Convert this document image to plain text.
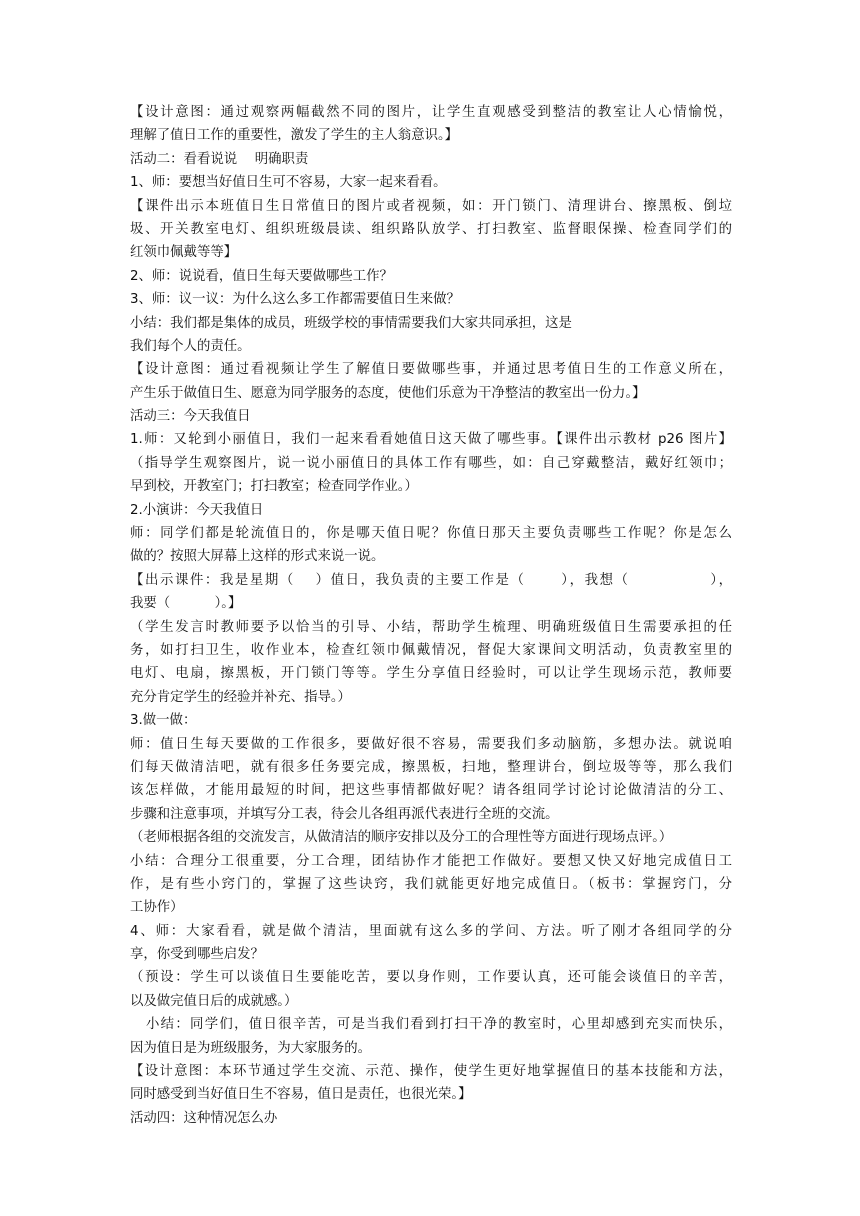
【设计意图：通过观察两幅截然不同的图片，让学生直观感受到整洁的教室让人心情愉悦，
理解了值日工作的重要性，激发了学生的主人翁意识。】
活动二：看看说说　 明确职责
1、师：要想当好值日生可不容易，大家一起来看看。
【课件出示本班值日生日常值日的图片或者视频，如：开门锁门、清理讲台、擦黑板、倒垃
圾、开关教室电灯、组织班级晨读、组织路队放学、打扫教室、监督眼保操、检查同学们的
红领巾佩戴等等】
2、师：说说看，值日生每天要做哪些工作？
3、师：议一议：为什么这么多工作都需要值日生来做？
小结：我们都是集体的成员，班级学校的事情需要我们大家共同承担，这是
我们每个人的责任。
【设计意图：通过看视频让学生了解值日要做哪些事，并通过思考值日生的工作意义所在，
产生乐于做值日生、愿意为同学服务的态度，使他们乐意为干净整洁的教室出一份力。】
活动三：今天我值日
1.师：又轮到小丽值日，我们一起来看看她值日这天做了哪些事。【课件出示教材 p26 图片】
（指导学生观察图片，说一说小丽值日的具体工作有哪些，如：自己穿戴整洁，戴好红领巾；
早到校，开教室门；打扫教室；检查同学作业。）
2.小演讲：今天我值日
师：同学们都是轮流值日的，你是哪天值日呢？你值日那天主要负责哪些工作呢？你是怎么
做的？按照大屏幕上这样的形式来说一说。
【出示课件：我是星期（　 ）值日，我负责的主要工作是（　　 ），我想（　　　　　 ），
我要（　　　 ）。】
（学生发言时教师要予以恰当的引导、小结，帮助学生梳理、明确班级值日生需要承担的任
务，如打扫卫生，收作业本，检查红领巾佩戴情况，督促大家课间文明活动，负责教室里的
电灯、电扇，擦黑板，开门锁门等等。学生分享值日经验时，可以让学生现场示范，教师要
充分肯定学生的经验并补充、指导。）
3.做一做：
师：值日生每天要做的工作很多，要做好很不容易，需要我们多动脑筋，多想办法。就说咱
们每天做清洁吧，就有很多任务要完成，擦黑板，扫地，整理讲台，倒垃圾等等，那么我们
该怎样做，才能用最短的时间，把这些事情都做好呢？请各组同学讨论讨论做清洁的分工、
步骤和注意事项，并填写分工表，待会儿各组再派代表进行全班的交流。
（老师根据各组的交流发言，从做清洁的顺序安排以及分工的合理性等方面进行现场点评。）
小结：合理分工很重要，分工合理，团结协作才能把工作做好。要想又快又好地完成值日工
作，是有些小窍门的，掌握了这些诀窍，我们就能更好地完成值日。（板书：掌握窍门，分
工协作）
4、师：大家看看，就是做个清洁，里面就有这么多的学问、方法。听了刚才各组同学的分
享，你受到哪些启发？
（预设：学生可以谈值日生要能吃苦，要以身作则，工作要认真，还可能会谈值日的辛苦，
以及做完值日后的成就感。）
小结：同学们，值日很辛苦，可是当我们看到打扫干净的教室时，心里却感到充实而快乐，
因为值日是为班级服务，为大家服务的。
【设计意图：本环节通过学生交流、示范、操作，使学生更好地掌握值日的基本技能和方法，
同时感受到当好值日生不容易，值日是责任，也很光荣。】
活动四：这种情况怎么办
